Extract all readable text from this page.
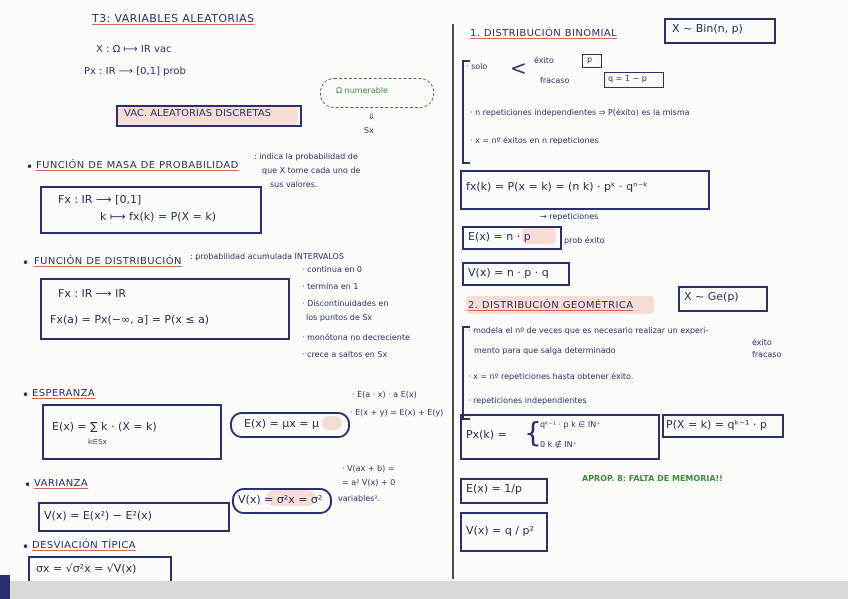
T3: VARIABLES ALEATORIAS
X : Ω ⟼ IR vac
Px : IR ⟶ [0,1] prob
Ω numerable
VAC. ALEATORIAS DISCRETAS	⇓
Sx
• FUNCIÓN DE MASA DE PROBABILIDAD
: indica la probabilidad de
que X tome cada uno de
sus valores.
Fx : IR ⟶ [0,1]
k ⟼ fx(k) = P(X = k)
• FUNCIÓN DE DISTRIBUCIÓN : probabilidad acumulada INTERVALOS
Fx : IR ⟶ IR
Fx(a) = Px(−∞, a] = P(x ≤ a)
· continua en 0
· termina en 1
· Discontinuidades en
los puntos de Sx
· monótona no decreciente
· crece a saltos en Sx
• ESPERANZA
E(x) = ∑ k · (X = k)
k∈Sx
E(x) = μx = μ
· E(a · x) · a E(x)
· E(x + y) = E(x) + E(y)
• VARIANZA
V(x) = E(x²) − E²(x)
V(x) = σ²x = σ²
· V(ax + b) =
= a² V(x) + 0
variables².
• DESVIACIÓN TÍPICA
σx = √σ²x = √V(x)
1. DISTRIBUCIÓN BINOMIAL	X ~ Bin(n, p)
· solo < éxito	p
fracaso	q = 1 − p
· n repeticiones independientes ⇒ P(éxito) es la misma
· x = nº éxitos en n repeticiones
fx(k) = P(x = k) = (n k) · pᵏ · qⁿ⁻ᵏ
→ repeticiones
E(x) = n · p	prob éxito
V(x) = n · p · q
2. DISTRIBUCIÓN GEOMÉTRICA
X ~ Ge(p)
· modela el nº de veces que es necesario realizar un experi-
mento para que salga determinado
éxito
fracaso
· x = nº repeticiones hasta obtener éxito.
· repeticiones independientes
Px(k) = {
qᵏ⁻¹ · p k ∈ IN⁺
0 k ∉ IN⁺
P(X = k) = qᵏ⁻¹ · p
E(x) = 1/p
APROP. 8: FALTA DE MEMORIA!!
V(x) = q / p²
